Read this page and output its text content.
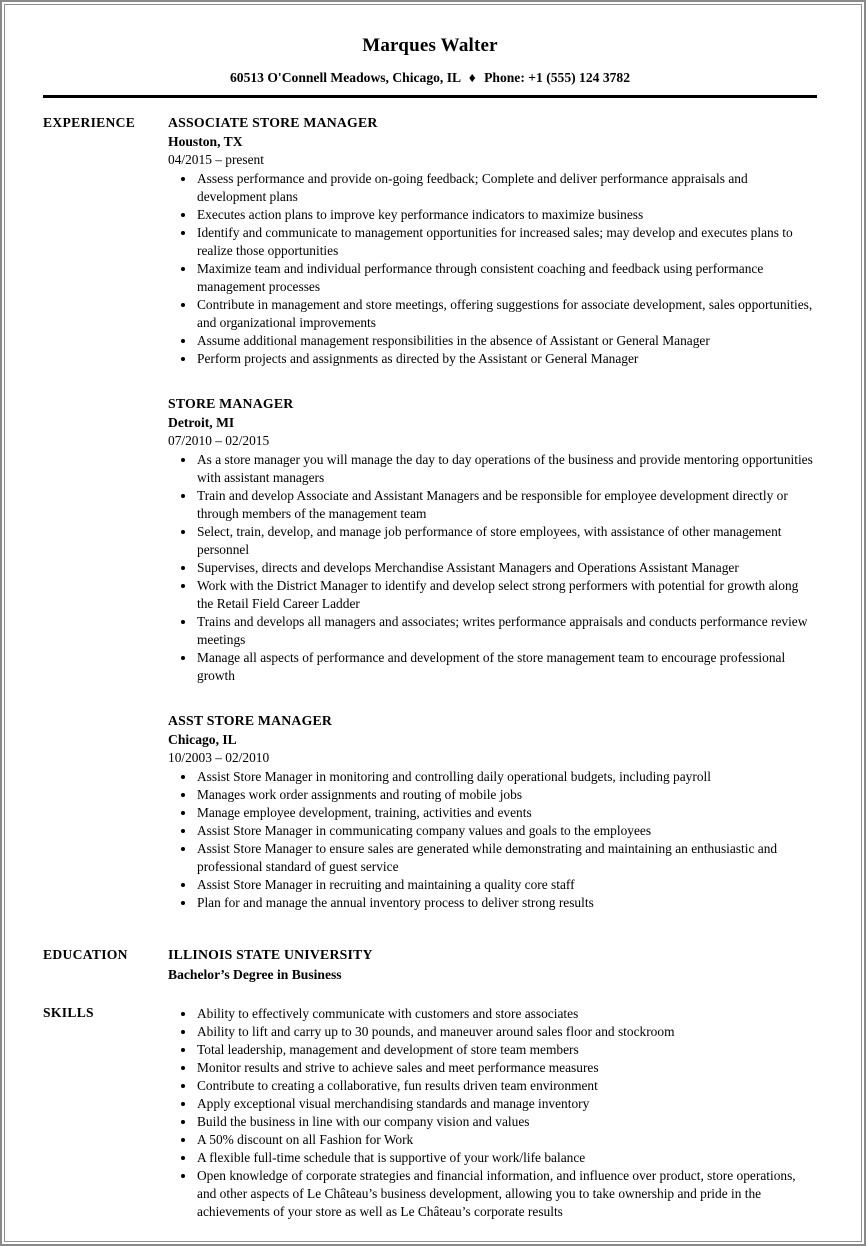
Marques Walter
60513 O'Connell Meadows, Chicago, IL ♦ Phone: +1 (555) 124 3782
EXPERIENCE	ASSOCIATE STORE MANAGER
Houston, TX
04/2015 – present
• Assess performance and provide on-going feedback; Complete and deliver performance appraisals and development plans
• Executes action plans to improve key performance indicators to maximize business
• Identify and communicate to management opportunities for increased sales; may develop and executes plans to realize those opportunities
• Maximize team and individual performance through consistent coaching and feedback using performance management processes
• Contribute in management and store meetings, offering suggestions for associate development, sales opportunities, and organizational improvements
• Assume additional management responsibilities in the absence of Assistant or General Manager
• Perform projects and assignments as directed by the Assistant or General Manager
STORE MANAGER
Detroit, MI
07/2010 – 02/2015
• As a store manager you will manage the day to day operations of the business and provide mentoring opportunities with assistant managers
• Train and develop Associate and Assistant Managers and be responsible for employee development directly or through members of the management team
• Select, train, develop, and manage job performance of store employees, with assistance of other management personnel
• Supervises, directs and develops Merchandise Assistant Managers and Operations Assistant Manager
• Work with the District Manager to identify and develop select strong performers with potential for growth along the Retail Field Career Ladder
• Trains and develops all managers and associates; writes performance appraisals and conducts performance review meetings
• Manage all aspects of performance and development of the store management team to encourage professional growth
ASST STORE MANAGER
Chicago, IL
10/2003 – 02/2010
• Assist Store Manager in monitoring and controlling daily operational budgets, including payroll
• Manages work order assignments and routing of mobile jobs
• Manage employee development, training, activities and events
• Assist Store Manager in communicating company values and goals to the employees
• Assist Store Manager to ensure sales are generated while demonstrating and maintaining an enthusiastic and professional standard of guest service
• Assist Store Manager in recruiting and maintaining a quality core staff
• Plan for and manage the annual inventory process to deliver strong results
EDUCATION	ILLINOIS STATE UNIVERSITY
Bachelor’s Degree in Business
SKILLS	• Ability to effectively communicate with customers and store associates
• Ability to lift and carry up to 30 pounds, and maneuver around sales floor and stockroom
• Total leadership, management and development of store team members
• Monitor results and strive to achieve sales and meet performance measures
• Contribute to creating a collaborative, fun results driven team environment
• Apply exceptional visual merchandising standards and manage inventory
• Build the business in line with our company vision and values
• A 50% discount on all Fashion for Work
• A flexible full-time schedule that is supportive of your work/life balance
• Open knowledge of corporate strategies and financial information, and influence over product, store operations, and other aspects of Le Château’s business development, allowing you to take ownership and pride in the achievements of your store as well as Le Château’s corporate results
